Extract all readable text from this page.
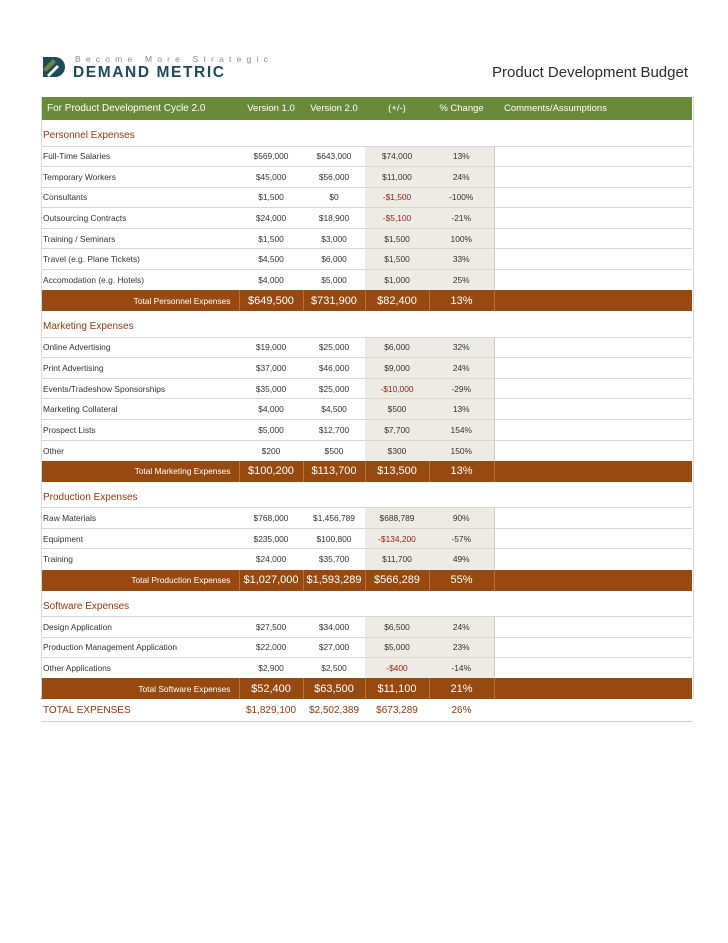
Become More Strategic
DEMAND METRIC	Product Development Budget
For Product Development Cycle 2.0	Version 1.0	Version 2.0	(+/-)	% Change	Comments/Assumptions

Personnel Expenses					
Full-Time Salaries	$569,000	$643,000	$74,000	13%	
Temporary Workers	$45,000	$56,000	$11,000	24%	
Consultants	$1,500	$0	-$1,500	-100%	
Outsourcing Contracts	$24,000	$18,900	-$5,100	-21%	
Training / Seminars	$1,500	$3,000	$1,500	100%	
Travel (e.g. Plane Tickets)	$4,500	$6,000	$1,500	33%	
Accomodation (e.g. Hotels)	$4,000	$5,000	$1,000	25%	
Total Personnel Expenses	$649,500	$731,900	$82,400	13%	

Marketing Expenses					
Online Advertising	$19,000	$25,000	$6,000	32%	
Print Advertising	$37,000	$46,000	$9,000	24%	
Events/Tradeshow Sponsorships	$35,000	$25,000	-$10,000	-29%	
Marketing Collateral	$4,000	$4,500	$500	13%	
Prospect Lists	$5,000	$12,700	$7,700	154%	
Other	$200	$500	$300	150%	
Total Marketing Expenses	$100,200	$113,700	$13,500	13%	

Production Expenses					
Raw Materials	$768,000	$1,456,789	$688,789	90%	
Equipment	$235,000	$100,800	-$134,200	-57%	
Training	$24,000	$35,700	$11,700	49%	
Total Production Expenses	$1,027,000	$1,593,289	$566,289	55%	

Software Expenses					
Design Application	$27,500	$34,000	$6,500	24%	
Production Management Application	$22,000	$27,000	$5,000	23%	
Other Applications	$2,900	$2,500	-$400	-14%	
Total Software Expenses	$52,400	$63,500	$11,100	21%	
TOTAL EXPENSES	$1,829,100	$2,502,389	$673,289	26%	
